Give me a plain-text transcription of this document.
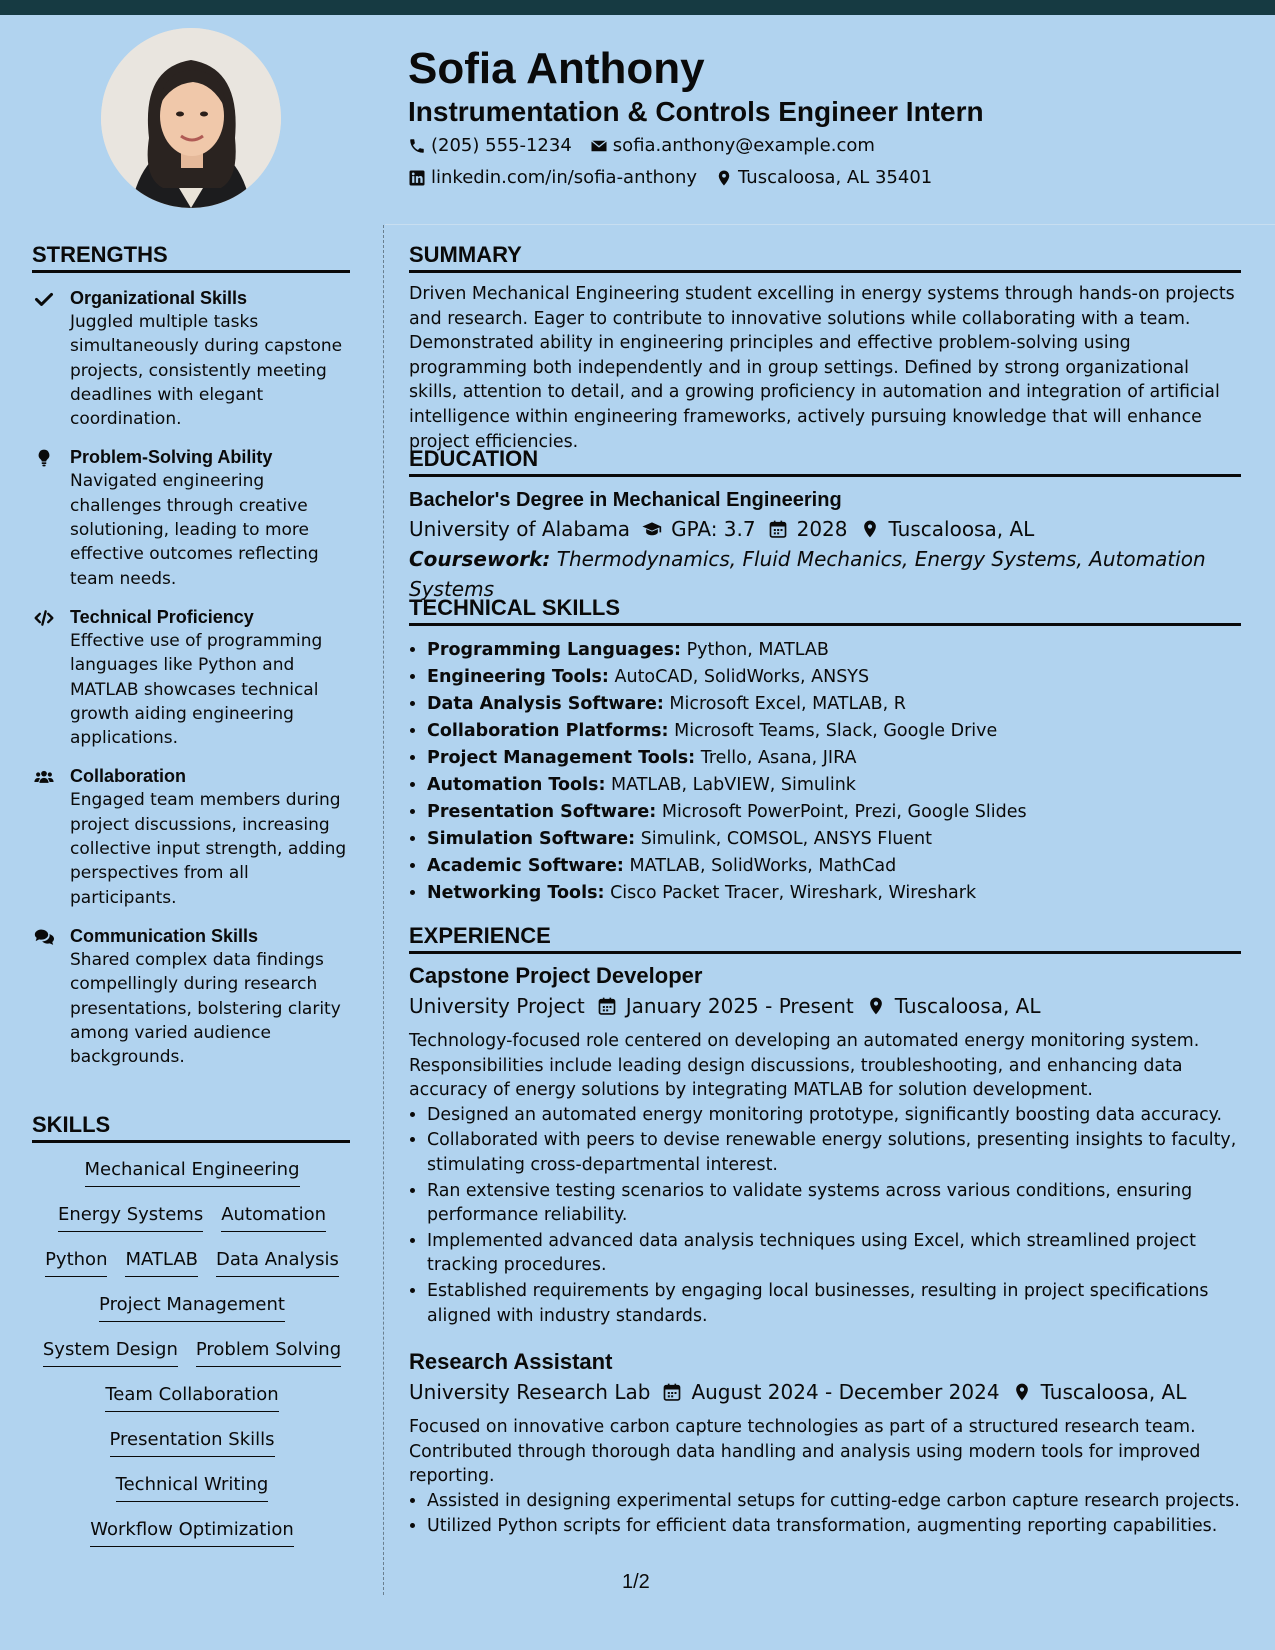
Sofia Anthony
Instrumentation & Controls Engineer Intern
(205) 555-1234 sofia.anthony@example.com
linkedin.com/in/sofia-anthony Tuscaloosa, AL 35401
STRENGTHS
Organizational Skills
Juggled multiple tasks simultaneously during capstone projects, consistently meeting deadlines with elegant coordination.
Problem-Solving Ability
Navigated engineering challenges through creative solutioning, leading to more effective outcomes reflecting team needs.
Technical Proficiency
Effective use of programming languages like Python and MATLAB showcases technical growth aiding engineering applications.
Collaboration
Engaged team members during project discussions, increasing collective input strength, adding perspectives from all participants.
Communication Skills
Shared complex data findings compellingly during research presentations, bolstering clarity among varied audience backgrounds.
SKILLS
Mechanical Engineering
Energy Systems Automation
Python MATLAB Data Analysis
Project Management
System Design Problem Solving
Team Collaboration
Presentation Skills
Technical Writing
Workflow Optimization
SUMMARY

Driven Mechanical Engineering student excelling in energy systems through hands-on projects and research. Eager to contribute to innovative solutions while collaborating with a team. Demonstrated ability in engineering principles and effective problem-solving using programming both independently and in group settings. Defined by strong organizational skills, attention to detail, and a growing proficiency in automation and integration of artificial intelligence within engineering frameworks, actively pursuing knowledge that will enhance project efficiencies.

EDUCATION
Bachelor's Degree in Mechanical Engineering
University of Alabama GPA: 3.7 2028 Tuscaloosa, AL
Coursework: Thermodynamics, Fluid Mechanics, Energy Systems, Automation Systems
TECHNICAL SKILLS
• Programming Languages: Python, MATLAB
• Engineering Tools: AutoCAD, SolidWorks, ANSYS
• Data Analysis Software: Microsoft Excel, MATLAB, R
• Collaboration Platforms: Microsoft Teams, Slack, Google Drive
• Project Management Tools: Trello, Asana, JIRA
• Automation Tools: MATLAB, LabVIEW, Simulink
• Presentation Software: Microsoft PowerPoint, Prezi, Google Slides
• Simulation Software: Simulink, COMSOL, ANSYS Fluent
• Academic Software: MATLAB, SolidWorks, MathCad
• Networking Tools: Cisco Packet Tracer, Wireshark, Wireshark
EXPERIENCE
Capstone Project Developer
University Project January 2025 - Present Tuscaloosa, AL
Technology-focused role centered on developing an automated energy monitoring system. Responsibilities include leading design discussions, troubleshooting, and enhancing data accuracy of energy solutions by integrating MATLAB for solution development.
• Designed an automated energy monitoring prototype, significantly boosting data accuracy.
• Collaborated with peers to devise renewable energy solutions, presenting insights to faculty, stimulating cross-departmental interest.
• Ran extensive testing scenarios to validate systems across various conditions, ensuring performance reliability.
• Implemented advanced data analysis techniques using Excel, which streamlined project tracking procedures.
• Established requirements by engaging local businesses, resulting in project specifications aligned with industry standards.
Research Assistant
University Research Lab August 2024 - December 2024 Tuscaloosa, AL
Focused on innovative carbon capture technologies as part of a structured research team. Contributed through thorough data handling and analysis using modern tools for improved reporting.
• Assisted in designing experimental setups for cutting-edge carbon capture research projects.
• Utilized Python scripts for efficient data transformation, augmenting reporting capabilities.
1/2
